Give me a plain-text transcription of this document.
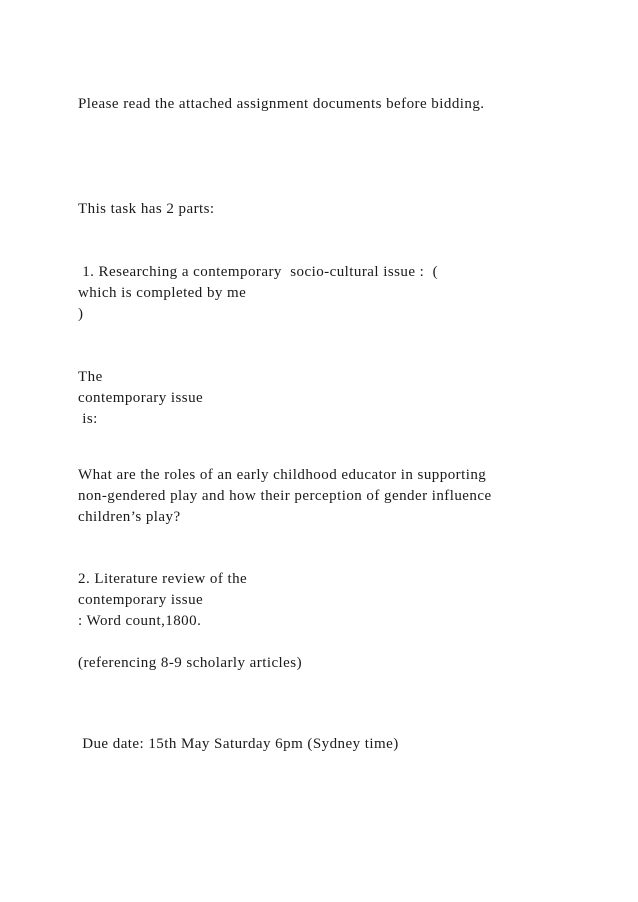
Please read the attached assignment documents before bidding.

This task has 2 parts:

1. Researching a contemporary  socio-cultural issue :  (

which is completed by me

)

The

contemporary issue

is:

What are the roles of an early childhood educator in supporting

non-gendered play and how their perception of gender influence

children’s play?

2. Literature review of the

contemporary issue

: Word count,1800.

(referencing 8-9 scholarly articles)

Due date: 15th May Saturday 6pm (Sydney time)
